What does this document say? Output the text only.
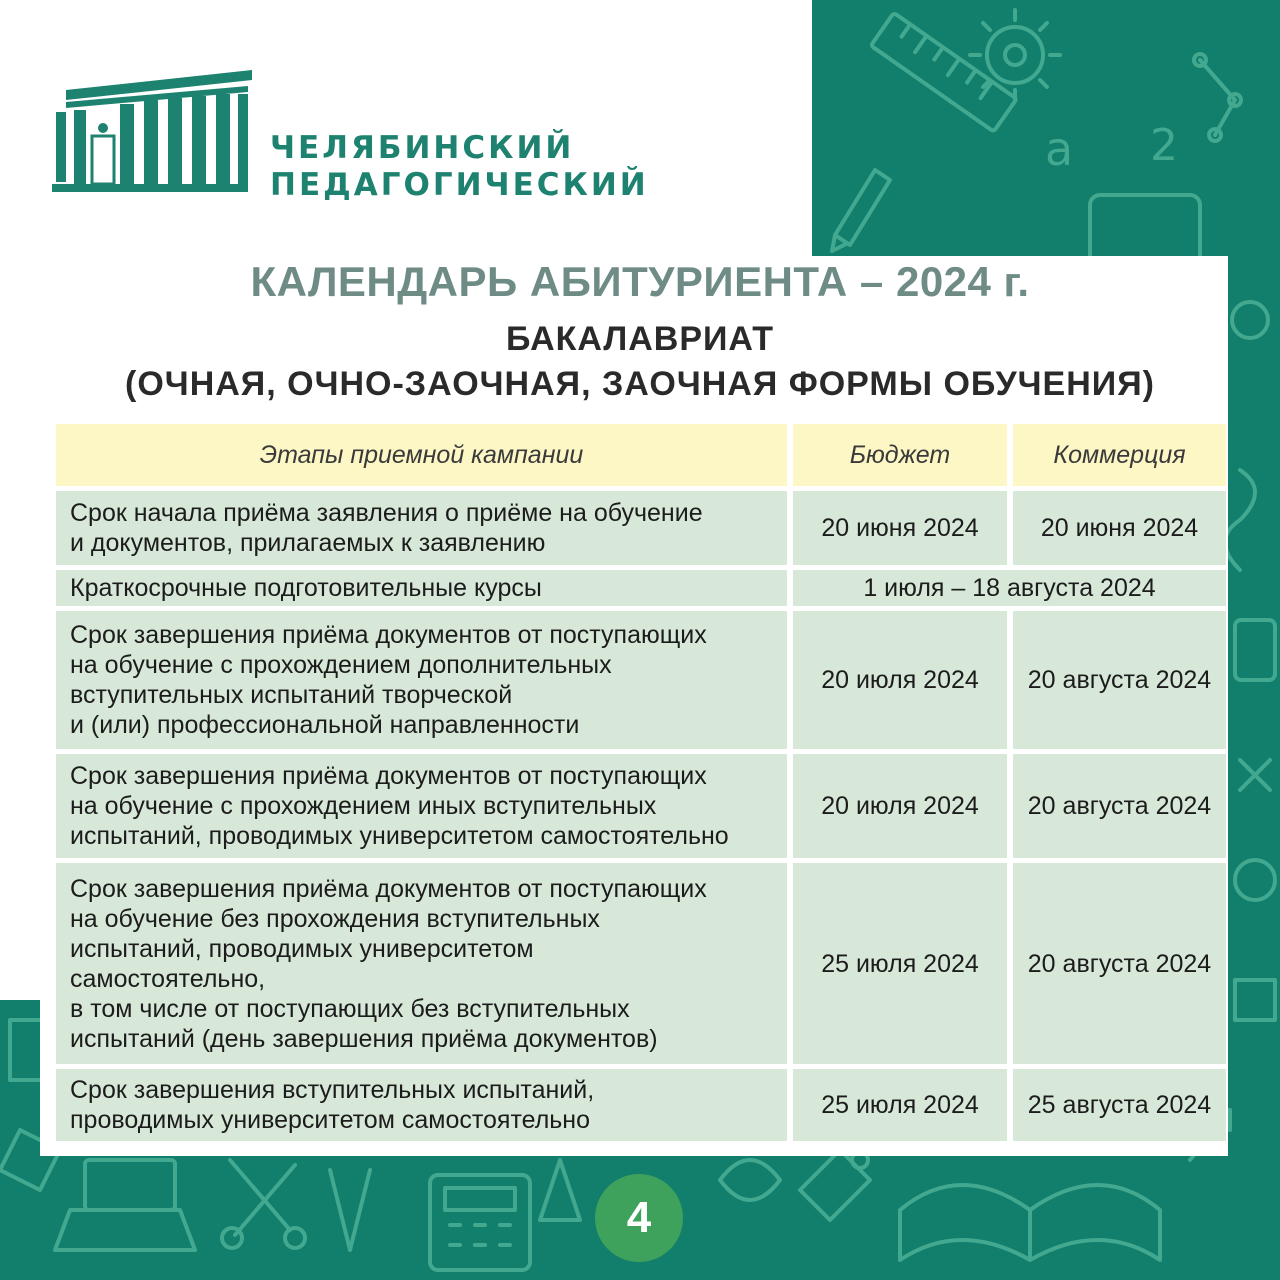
a 2
ЧЕЛЯБИНСКИЙ
ПЕДАГОГИЧЕСКИЙ
КАЛЕНДАРЬ АБИТУРИЕНТА – 2024 г.
БАКАЛАВРИАТ
(ОЧНАЯ, ОЧНО-ЗАОЧНАЯ, ЗАОЧНАЯ ФОРМЫ ОБУЧЕНИЯ)
Этапы приемной кампании	Бюджет	Коммерция
Срок начала приёма заявления о приёме на обучение
и документов, прилагаемых к заявлению
20 июня 2024	20 июня 2024
Краткосрочные подготовительные курсы	1 июля – 18 августа 2024
Срок завершения приёма документов от поступающих
на обучение с прохождением дополнительных
вступительных испытаний творческой
и (или) профессиональной направленности
20 июля 2024	20 августа 2024
Срок завершения приёма документов от поступающих
на обучение с прохождением иных вступительных
испытаний, проводимых университетом самостоятельно
20 июля 2024	20 августа 2024
Срок завершения приёма документов от поступающих
на обучение без прохождения вступительных
испытаний, проводимых университетом
самостоятельно,
в том числе от поступающих без вступительных
испытаний (день завершения приёма документов)
25 июля 2024	20 августа 2024
Срок завершения вступительных испытаний,
проводимых университетом самостоятельно
25 июля 2024	25 августа 2024
4
